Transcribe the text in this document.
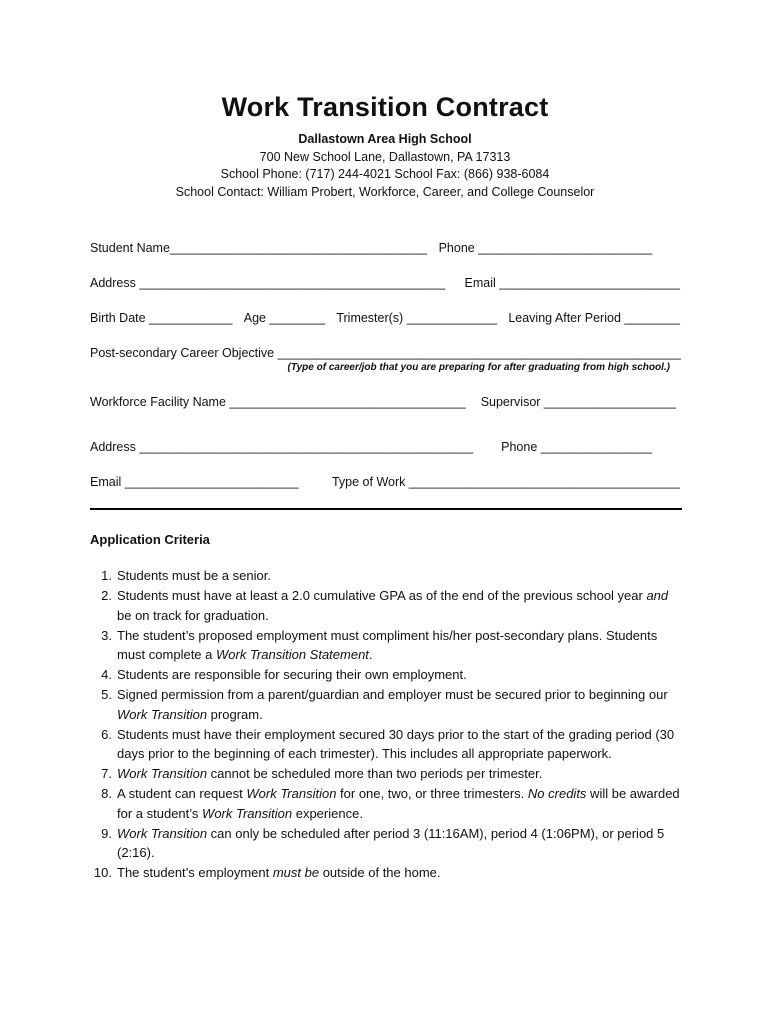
Work Transition Contract
Dallastown Area High School
700 New School Lane, Dallastown, PA 17313
School Phone: (717) 244-4021 School Fax: (866) 938-6084
School Contact: William Probert, Workforce, Career, and College Counselor
Student Name_____________________________________ Phone _________________________
Address ____________________________________________ Email __________________________
Birth Date ____________ Age ________ Trimester(s) _____________ Leaving After Period ________
Post-secondary Career Objective __________________________________________________________
(Type of career/job that you are preparing for after graduating from high school.)
Workforce Facility Name __________________________________ Supervisor ___________________
Address ________________________________________________ Phone ________________
Email _________________________	Type of Work _______________________________________
Application Criteria
1. Students must be a senior.
2. Students must have at least a 2.0 cumulative GPA as of the end of the previous school year and be on track for graduation.
3. The student’s proposed employment must compliment his/her post-secondary plans. Students must complete a Work Transition Statement.
4. Students are responsible for securing their own employment.
5. Signed permission from a parent/guardian and employer must be secured prior to beginning our Work Transition program.
6. Students must have their employment secured 30 days prior to the start of the grading period (30 days prior to the beginning of each trimester). This includes all appropriate paperwork.
7. Work Transition cannot be scheduled more than two periods per trimester.
8. A student can request Work Transition for one, two, or three trimesters. No credits will be awarded for a student’s Work Transition experience.
9. Work Transition can only be scheduled after period 3 (11:16AM), period 4 (1:06PM), or period 5 (2:16).
10. The student’s employment must be outside of the home.
